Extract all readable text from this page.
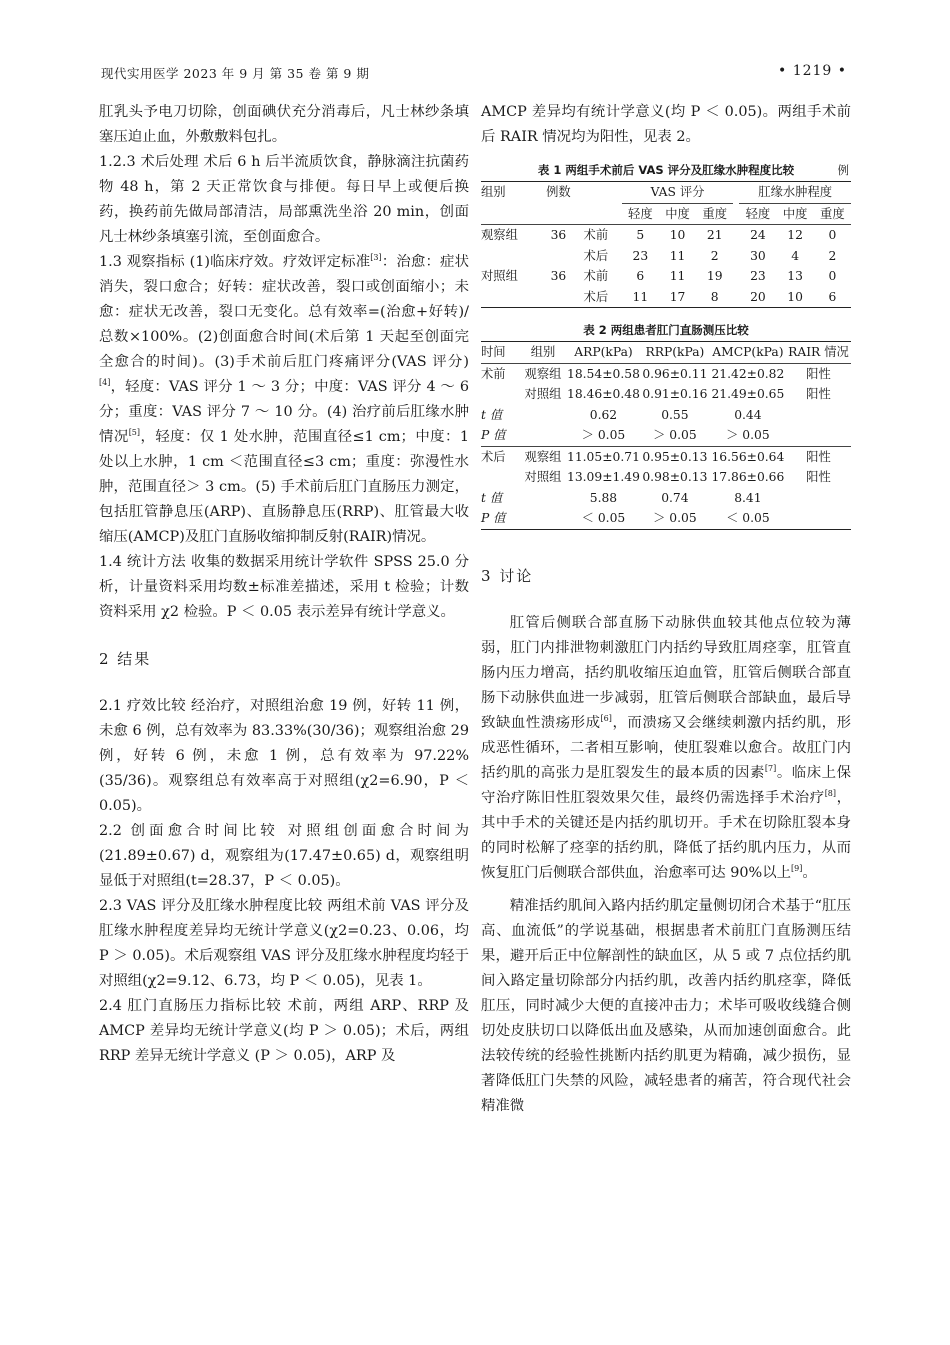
现代实用医学 2023 年 9 月 第 35 卷 第 9 期	• 1219 •

肛乳头予电刀切除，创面碘伏充分消毒后，凡士林纱条填塞压迫止血，外敷敷料包扎。

1.2.3 术后处理 术后 6 h 后半流质饮食，静脉滴注抗菌药物 48 h，第 2 天正常饮食与排便。每日早上或便后换药，换药前先做局部清洁，局部熏洗坐浴 20 min，创面凡士林纱条填塞引流，至创面愈合。

1.3 观察指标 (1)临床疗效。疗效评定标准[3]：治愈：症状消失，裂口愈合；好转：症状改善，裂口或创面缩小；未愈：症状无改善，裂口无变化。总有效率=(治愈+好转)/总数×100%。(2)创面愈合时间(术后第 1 天起至创面完全愈合的时间)。(3)手术前后肛门疼痛评分(VAS 评分)[4]，轻度：VAS 评分 1 ～ 3 分；中度：VAS 评分 4 ～ 6 分；重度：VAS 评分 7 ～ 10 分。(4) 治疗前后肛缘水肿情况[5]，轻度：仅 1 处水肿，范围直径≤1 cm；中度：1 处以上水肿，1 cm ＜范围直径≤3 cm；重度：弥漫性水肿，范围直径＞ 3 cm。(5) 手术前后肛门直肠压力测定，包括肛管静息压(ARP)、直肠静息压(RRP)、肛管最大收缩压(AMCP)及肛门直肠收缩抑制反射(RAIR)情况。

1.4 统计方法 收集的数据采用统计学软件 SPSS 25.0 分析，计量资料采用均数±标准差描述，采用 t 检验；计数资料采用 χ2 检验。P ＜ 0.05 表示差异有统计学意义。

2 结果

2.1 疗效比较 经治疗，对照组治愈 19 例，好转 11 例，未愈 6 例，总有效率为 83.33%(30/36)；观察组治愈 29 例，好转 6 例，未愈 1 例，总有效率为 97.22%(35/36)。观察组总有效率高于对照组(χ2=6.90，P ＜ 0.05)。

2.2 创面愈合时间比较 对照组创面愈合时间为(21.89±0.67) d，观察组为(17.47±0.65) d，观察组明显低于对照组(t=28.37，P ＜ 0.05)。

2.3 VAS 评分及肛缘水肿程度比较 两组术前 VAS 评分及肛缘水肿程度差异均无统计学意义(χ2=0.23、0.06，均 P ＞ 0.05)。术后观察组 VAS 评分及肛缘水肿程度均轻于对照组(χ2=9.12、6.73，均 P ＜ 0.05)，见表 1。

2.4 肛门直肠压力指标比较 术前，两组 ARP、RRP 及 AMCP 差异均无统计学意义(均 P ＞ 0.05)；术后，两组 RRP 差异无统计学意义 (P ＞ 0.05)，ARP 及

AMCP 差异均有统计学意义(均 P ＜ 0.05)。两组手术前后 RAIR 情况均为阳性，见表 2。

表 1 两组手术前后 VAS 评分及肛缘水肿程度比较	例
组别	例数		VAS 评分				肛缘水肿程度		
			轻度	中度	重度		轻度	中度	重度
观察组	36	术前	5	10	21		24	12	0
		术后	23	11	2		30	4	2
对照组	36	术前	6	11	19		23	13	0
		术后	11	17	8		20	10	6
表 2 两组患者肛门直肠测压比较
时间	组别	ARP(kPa)	RRP(kPa)	AMCP(kPa)	RAIR 情况
术前	观察组	18.54±0.58	0.96±0.11	21.42±0.82	阳性
	对照组	18.46±0.48	0.91±0.16	21.49±0.65	阳性
t 值		0.62	0.55	0.44	
P 值		＞ 0.05	＞ 0.05	＞ 0.05	
术后	观察组	11.05±0.71	0.95±0.13	16.56±0.64	阳性
	对照组	13.09±1.49	0.98±0.13	17.86±0.66	阳性
t 值		5.88	0.74	8.41	
P 值		＜ 0.05	＞ 0.05	＜ 0.05	
3 讨论

肛管后侧联合部直肠下动脉供血较其他点位较为薄弱，肛门内排泄物刺激肛门内括约导致肛周痉挛，肛管直肠内压力增高，括约肌收缩压迫血管，肛管后侧联合部直肠下动脉供血进一步减弱，肛管后侧联合部缺血，最后导致缺血性溃疡形成[6]，而溃疡又会继续刺激内括约肌，形成恶性循环，二者相互影响，使肛裂难以愈合。故肛门内括约肌的高张力是肛裂发生的最本质的因素[7]。临床上保守治疗陈旧性肛裂效果欠佳，最终仍需选择手术治疗[8]，其中手术的关键还是内括约肌切开。手术在切除肛裂本身的同时松解了痉挛的括约肌，降低了括约肌内压力，从而恢复肛门后侧联合部供血，治愈率可达 90%以上[9]。

精准括约肌间入路内括约肌定量侧切闭合术基于“肛压高、血流低”的学说基础，根据患者术前肛门直肠测压结果，避开后正中位解剖性的缺血区，从 5 或 7 点位括约肌间入路定量切除部分内括约肌，改善内括约肌痉挛，降低肛压，同时减少大便的直接冲击力；术毕可吸收线缝合侧切处皮肤切口以降低出血及感染，从而加速创面愈合。此法较传统的经验性挑断内括约肌更为精确，减少损伤，显著降低肛门失禁的风险，减轻患者的痛苦，符合现代社会精准微
